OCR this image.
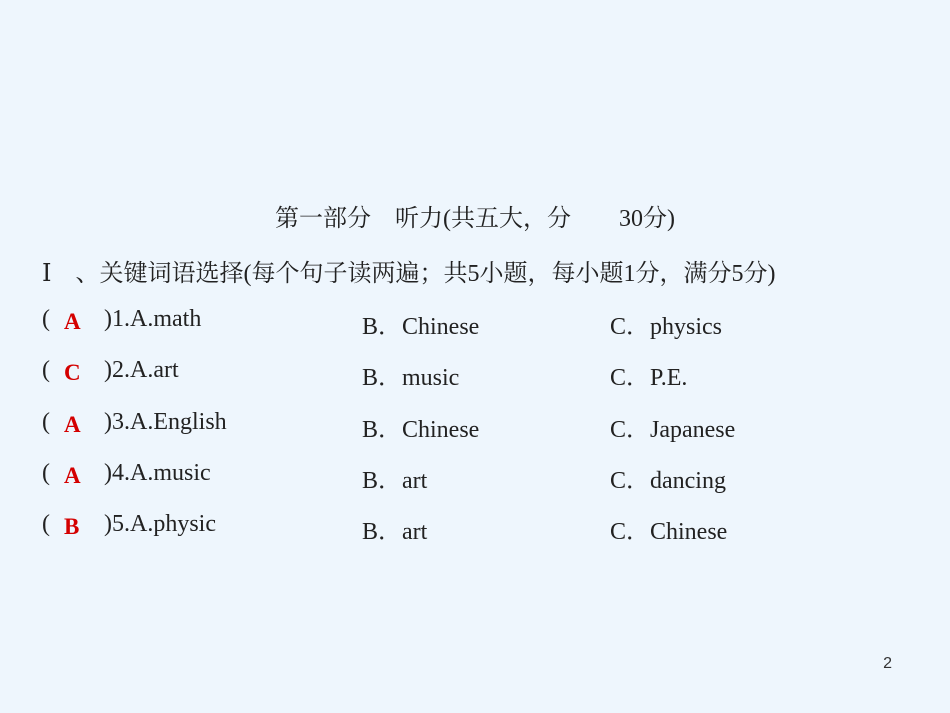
第一部分　听力(共五大，分　　30分)
Ⅰ　、关键词语选择(每个句子读两遍；共5小题，每小题1分，满分5分)
( A )1.A.math	B．Chinese	C．physics
( C )2.A.art	B．music	C．P.E.
( A )3.A.English	B．Chinese	C．Japanese
( A )4.A.music	B．art	C．dancing
( B )5.A.physic	B．art	C．Chinese
2
